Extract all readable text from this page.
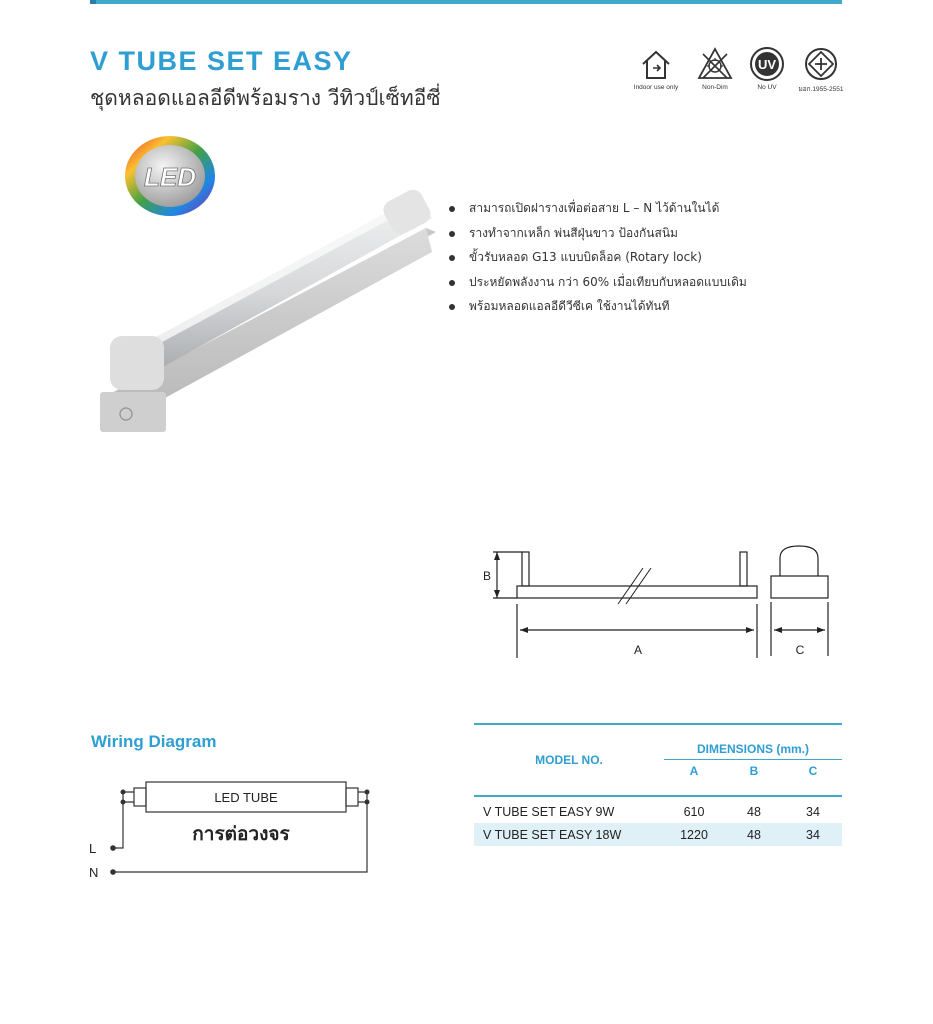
V TUBE SET EASY
ชุดหลอดแอลอีดีพร้อมราง วีทิวป์เซ็ทอีซี่	Indoor use only	Non-Dim
UV
No UV	มอก.1955-2551
LED
สามารถเปิดฝารางเพื่อต่อสาย L – N ไว้ด้านในได้
รางทำจากเหล็ก พ่นสีฝุ่นขาว ป้องกันสนิม
ขั้วรับหลอด G13 แบบบิดล็อค (Rotary lock)
ประหยัดพลังงาน กว่า 60% เมื่อเทียบกับหลอดแบบเดิม
พร้อมหลอดแอลอีดีวีซีเค ใช้งานได้ทันที
B
A	C
Wiring Diagram
LED TUBE
การต่อวงจร
L
N
MODEL NO.	DIMENSIONS (mm.)		
	A	B	C
V TUBE SET EASY 9W	610	48	34
V TUBE SET EASY 18W	1220	48	34
